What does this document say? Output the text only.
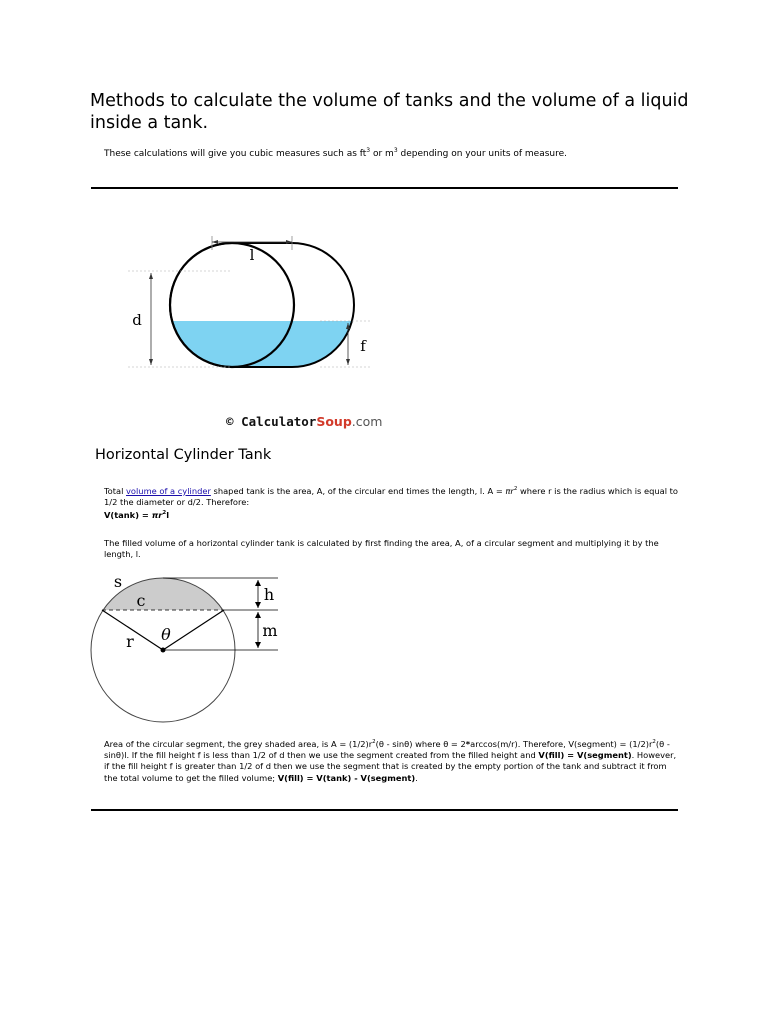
Methods to calculate the volume of tanks and the volume of a liquid inside a tank.
These calculations will give you cubic measures such as $ft^3$ or $m^3$ depending on your units of measure.
l
d
f
© CalculatorSoup.com
Horizontal Cylinder Tank

Total volume of a cylinder shaped tank is the area, A, of the circular end times the length, l. $A = \pi r^2$ where r is the radius which is equal to 1/2 the diameter or d/2. Therefore:
$V(\tan k) = \pi r^2l$

The filled volume of a horizontal cylinder tank is calculated by first finding the area, A, of a circular segment and multiplying it by the length, l.

s
c	h
m
r θ

Area of the circular segment, the grey shaded area, is $A = (1/2)r^2(\theta - \sin\theta)$ where θ = 2*arccos(m/r). Therefore, V(segment) = $(1/2)r^2(\theta - \sin\theta)l$. If the fill height f is less than 1/2 of d then we use the segment created from the filled height and V(fill) = V(segment). However, if the fill height f is greater than 1/2 of d then we use the segment that is created by the empty portion of the tank and subtract it from the total volume to get the filled volume; V(fill) = V(tank) - V(segment).
